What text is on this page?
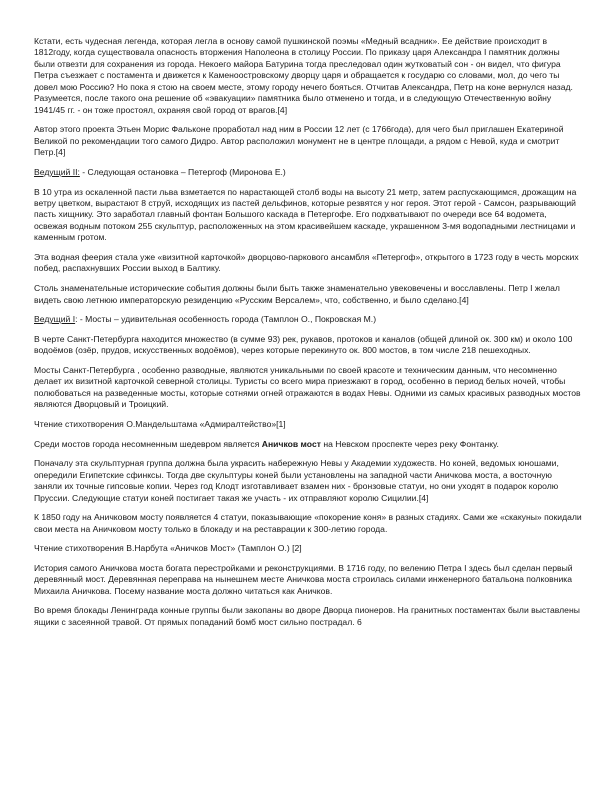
Кстати, есть чудесная легенда, которая легла в основу самой пушкинской поэмы «Медный всадник». Ее действие происходит в 1812году, когда существовала опасность вторжения Наполеона в столицу России. По приказу царя Александра I памятник должны были отвезти для сохранения из города. Некоего майора Батурина тогда преследовал один жутковатый сон - он видел, что фигура Петра съезжает с постамента и движется к Каменоостровскому дворцу царя и обращается к государю со словами, мол, до чего ты довел мою Россию? Но пока я стою на своем месте, этому городу нечего бояться. Отчитав Александра, Петр на коне вернулся назад. Разумеется, после такого она решение об «эвакуации» памятника было отменено и тогда, и в следующую Отечественную войну 1941/45 гг. - он тоже простоял, охраняя свой город от врагов.[4]

Автор этого проекта Этьен Морис Фальконе проработал над ним в России 12 лет (с 1766года), для чего был приглашен Екатериной Великой по рекомендации того самого Дидро. Автор расположил монумент не в центре площади, а рядом с Невой, куда и смотрит Петр.[4]

Ведущий II: - Следующая остановка – Петергоф (Миронова Е.)

В 10 утра из оскаленной пасти льва взметается по нарастающей столб воды на высоту 21 метр, затем распускающимся, дрожащим на ветру цветком, вырастают 8 струй, исходящих из пастей дельфинов, которые резвятся у ног героя. Этот герой - Самсон, разрывающий пасть хищнику. Это заработал главный фонтан Большого каскада в Петергофе. Его подхватывают по очереди все 64 водомета, освежая водным потоком 255 скульптур, расположенных на этом красивейшем каскаде, украшенном 3-мя водопадными лестницами и каменным гротом.

Эта водная феерия стала уже «визитной карточкой» дворцово-паркового ансамбля «Петергоф», открытого в 1723 году в честь морских побед, распахнувших России выход в Балтику.

Столь знаменательные исторические события должны были быть также знаменательно увековечены и восславлены. Петр I желал видеть свою летнюю императорскую резиденцию «Русским Версалем», что, собственно, и было сделано.[4]

Ведущий I: - Мосты – удивительная особенность города (Тамплон О., Покровская М.)

В черте Санкт-Петербурга находится множество (в сумме 93) рек, рукавов, протоков и каналов (общей длиной ок. 300 км) и около 100 водоёмов (озёр, прудов, искусственных водоёмов), через которые перекинуто ок. 800 мостов, в том числе 218 пешеходных.

Мосты Санкт-Петербурга , особенно разводные, являются уникальными по своей красоте и техническим данным, что несомненно делает их визитной карточкой северной столицы. Туристы со всего мира приезжают в город, особенно в период белых ночей, чтобы полюбоваться на разведенные мосты, которые сотнями огней отражаются в водах Невы. Одними из самых красивых разводных мостов являются Дворцовый и Троицкий.

Чтение стихотворения О.Мандельштама «Адмиралтейство»[1]

Среди мостов города несомненным шедевром является Аничков мост на Невском проспекте через реку Фонтанку.

Поначалу эта скульптурная группа должна была украсить набережную Невы у Академии художеств. Но коней, ведомых юношами, опередили Египетские сфинксы. Тогда две скульптуры коней были установлены на западной части Аничкова моста, а восточную заняли их точные гипсовые копии. Через год Клодт изготавливает взамен них - бронзовые статуи, но они уходят в подарок королю Пруссии. Следующие статуи коней постигает такая же участь - их отправляют королю Сицилии.[4]

К 1850 году на Аничковом мосту появляется 4 статуи, показывающие «покорение коня» в разных стадиях. Сами же «скакуны» покидали свои места на Аничковом мосту только в блокаду и на реставрации к 300-летию города.

Чтение стихотворения В.Нарбута «Аничков Мост» (Тамплон О.) [2]

История самого Аничкова моста богата перестройками и реконструкциями. В 1716 году, по велению Петра I здесь был сделан первый деревянный мост. Деревянная переправа на нынешнем месте Аничкова моста строилась силами инженерного батальона полковника Михаила Аничкова. Посему название моста должно читаться как Аничков.

Во время блокады Ленинграда конные группы были закопаны во дворе Дворца пионеров. На гранитных постаментах были выставлены ящики с засеянной травой. От прямых попаданий бомб мост сильно пострадал. 6
